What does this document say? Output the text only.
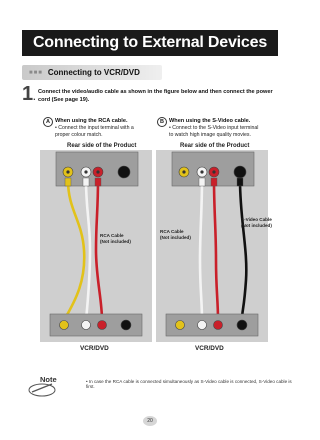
Connecting to External Devices
■■■ Connecting to VCR/DVD
1. Connect the video/audio cable as shown in the figure below and then connect the power cord (See page 19).
A When using the RCA cable.
• Connect the input terminal with a proper colour match.
Rear side of the Product
B When using the S-Video cable.
• Connect to the S-Video input terminal to watch high image quality movies.
Rear side of the Product
RCA Cable
(Not included)
VCR/DVD
RCA Cable
(Not included)
S-Video Cable
(Not included)
VCR/DVD
Note	• In case the RCA cable is connected simultaneously as S-Video cable is connected, S-Video cable is first.
20
